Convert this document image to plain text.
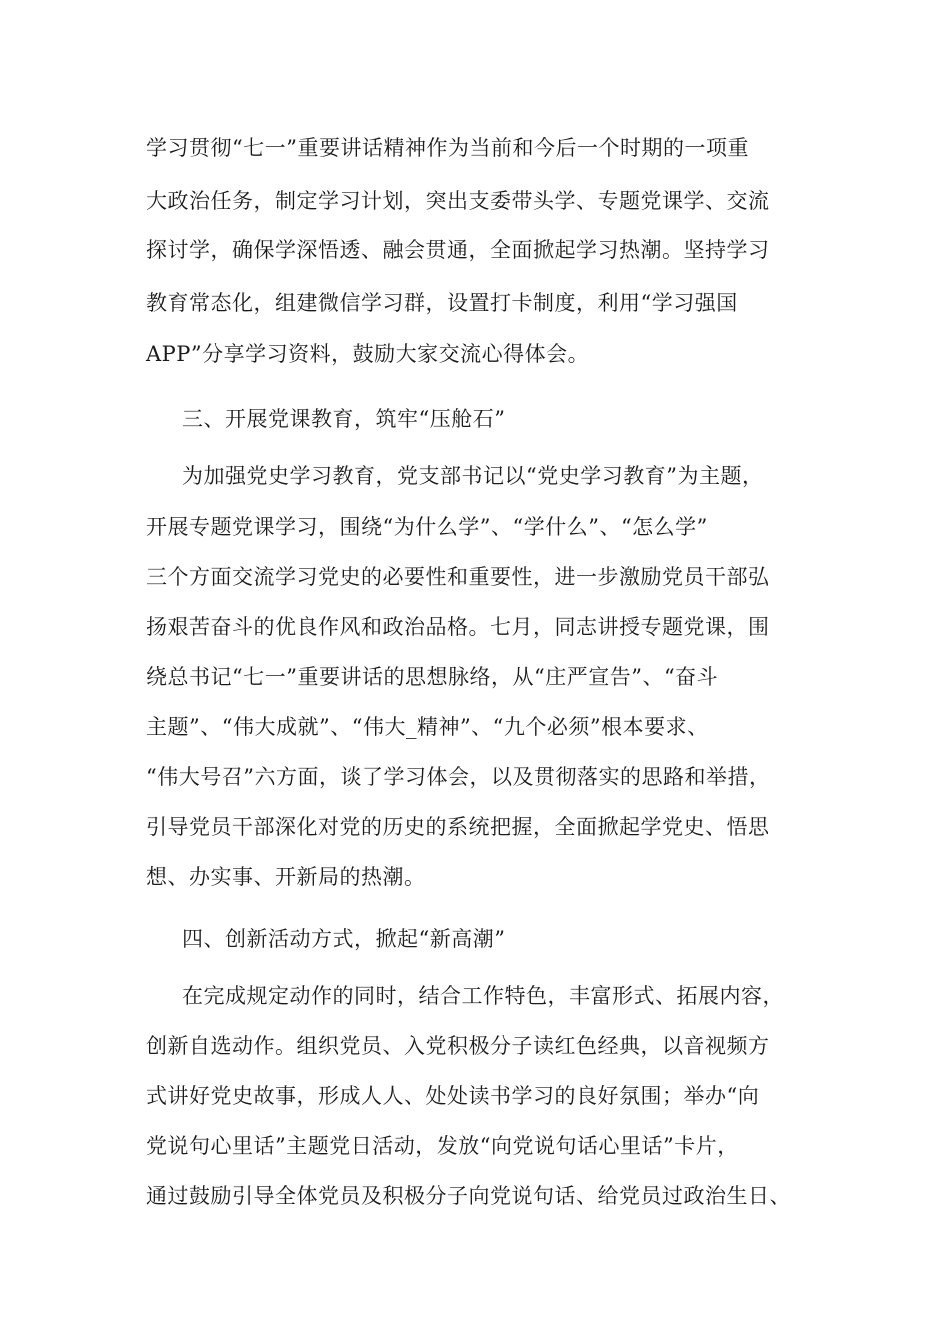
学习贯彻“七一”重要讲话精神作为当前和今后一个时期的一项重
大政治任务，制定学习计划，突出支委带头学、专题党课学、交流
探讨学，确保学深悟透、融会贯通，全面掀起学习热潮。坚持学习
教育常态化，组建微信学习群，设置打卡制度，利用“学习强国
APP”分享学习资料，鼓励大家交流心得体会。
三、开展党课教育，筑牢“压舱石”
为加强党史学习教育，党支部书记以“党史学习教育”为主题，
开展专题党课学习，围绕“为什么学”、“学什么”、“怎么学”
三个方面交流学习党史的必要性和重要性，进一步激励党员干部弘
扬艰苦奋斗的优良作风和政治品格。七月，同志讲授专题党课，围
绕总书记“七一”重要讲话的思想脉络，从“庄严宣告”、“奋斗
主题”、“伟大成就”、“伟大_精神”、“九个必须”根本要求、
“伟大号召”六方面，谈了学习体会，以及贯彻落实的思路和举措，
引导党员干部深化对党的历史的系统把握，全面掀起学党史、悟思
想、办实事、开新局的热潮。
四、创新活动方式，掀起“新高潮”
在完成规定动作的同时，结合工作特色，丰富形式、拓展内容，
创新自选动作。组织党员、入党积极分子读红色经典，以音视频方
式讲好党史故事，形成人人、处处读书学习的良好氛围；举办“向
党说句心里话”主题党日活动，发放“向党说句话心里话”卡片，
通过鼓励引导全体党员及积极分子向党说句话、给党员过政治生日、
